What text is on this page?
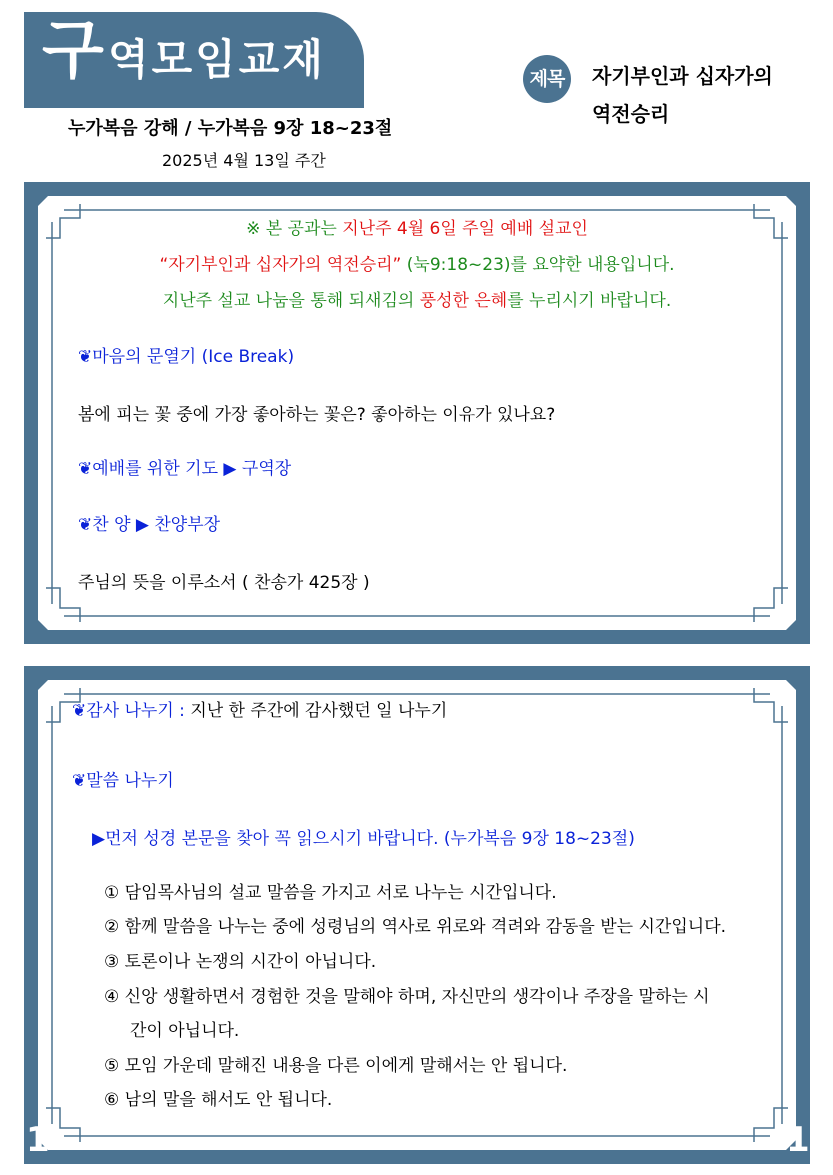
구 역모임교재
누가복음 강해 / 누가복음 9장 18~23절
2025년 4월 13일 주간
제목	자기부인과 십자가의
역전승리
※ 본 공과는 지난주 4월 6일 주일 예배 설교인
“자기부인과 십자가의 역전승리” (눅9:18~23)를 요약한 내용입니다.
지난주 설교 나눔을 통해 되새김의 풍성한 은혜를 누리시기 바랍니다.
❦마음의 문열기 (Ice Break)
봄에 피는 꽃 중에 가장 좋아하는 꽃은? 좋아하는 이유가 있나요?
❦예배를 위한 기도 ▶ 구역장
❦찬 양 ▶ 찬양부장
주님의 뜻을 이루소서 ( 찬송가 425장 )
❦감사 나누기 : 지난 한 주간에 감사했던 일 나누기
❦말씀 나누기
▶먼저 성경 본문을 찾아 꼭 읽으시기 바랍니다. (누가복음 9장 18~23절)
① 담임목사님의 설교 말씀을 가지고 서로 나누는 시간입니다.
② 함께 말씀을 나누는 중에 성령님의 역사로 위로와 격려와 감동을 받는 시간입니다.
③ 토론이나 논쟁의 시간이 아닙니다.
④ 신앙 생활하면서 경험한 것을 말해야 하며, 자신만의 생각이나 주장을 말하는 시
간이 아닙니다.
⑤ 모임 가운데 말해진 내용을 다른 이에게 말해서는 안 됩니다.
⑥ 남의 말을 해서도 안 됩니다.
1	1
